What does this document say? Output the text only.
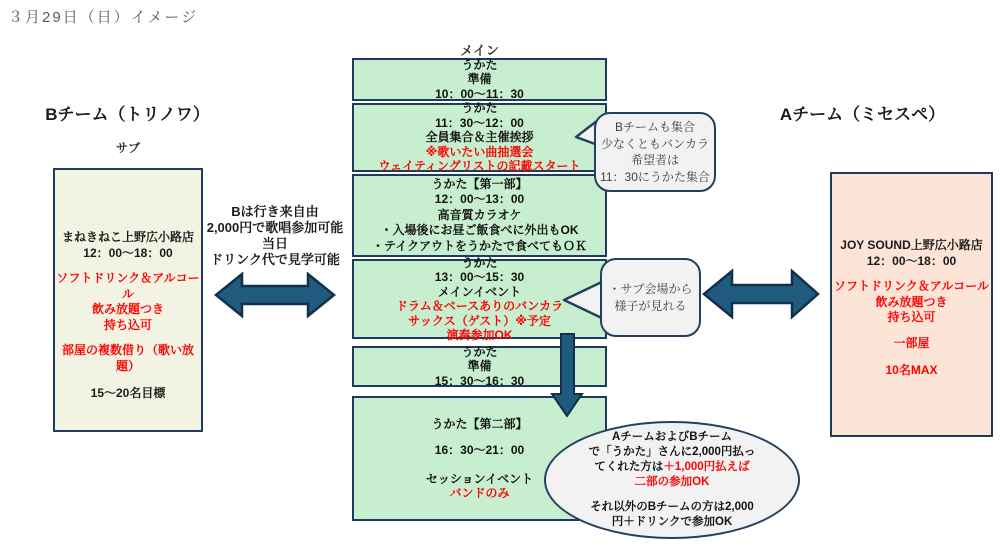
３月29日（日）イメージ
Bチーム（トリノワ）
サブ
まねきねこ上野広小路店
12：00～18：00
ソフトドリンク＆アルコール
飲み放題つき
持ち込可
部屋の複数借り（歌い放題）
15～20名目標
Bは行き来自由
2,000円で歌唱参加可能
当日
ドリンク代で見学可能
メイン
うかた
準備
10：00～11：30
うかた
11：30～12：00
全員集合＆主催挨拶
※歌いたい曲抽選会
ウェイティングリストの記載スタート
うかた【第一部】
12：00～13：00
高音質カラオケ
・入場後にお昼ご飯食べに外出もOK
・テイクアウトをうかたで食べてもＯＫ
うかた
13：00～15：30
メインイベント
ドラム＆ベースありのバンカラ
サックス（ゲスト）※予定
演奏参加OK
うかた
準備
15：30～16：30
うかた【第二部】
16：30～21：00
セッションイベント
バンドのみ
Bチームも集合
少なくともバンカラ
希望者は
11：30にうかた集合
・サブ会場から
様子が見れる
AチームおよびBチーム
で「うかた」さんに2,000円払っ
てくれた方は＋1,000円払えば
二部の参加OK
それ以外のBチームの方は2,000
円＋ドリンクで参加OK
Aチーム（ミセスペ）
JOY SOUND上野広小路店
12：00～18：00
ソフトドリンク＆アルコール
飲み放題つき
持ち込可
一部屋
10名MAX
